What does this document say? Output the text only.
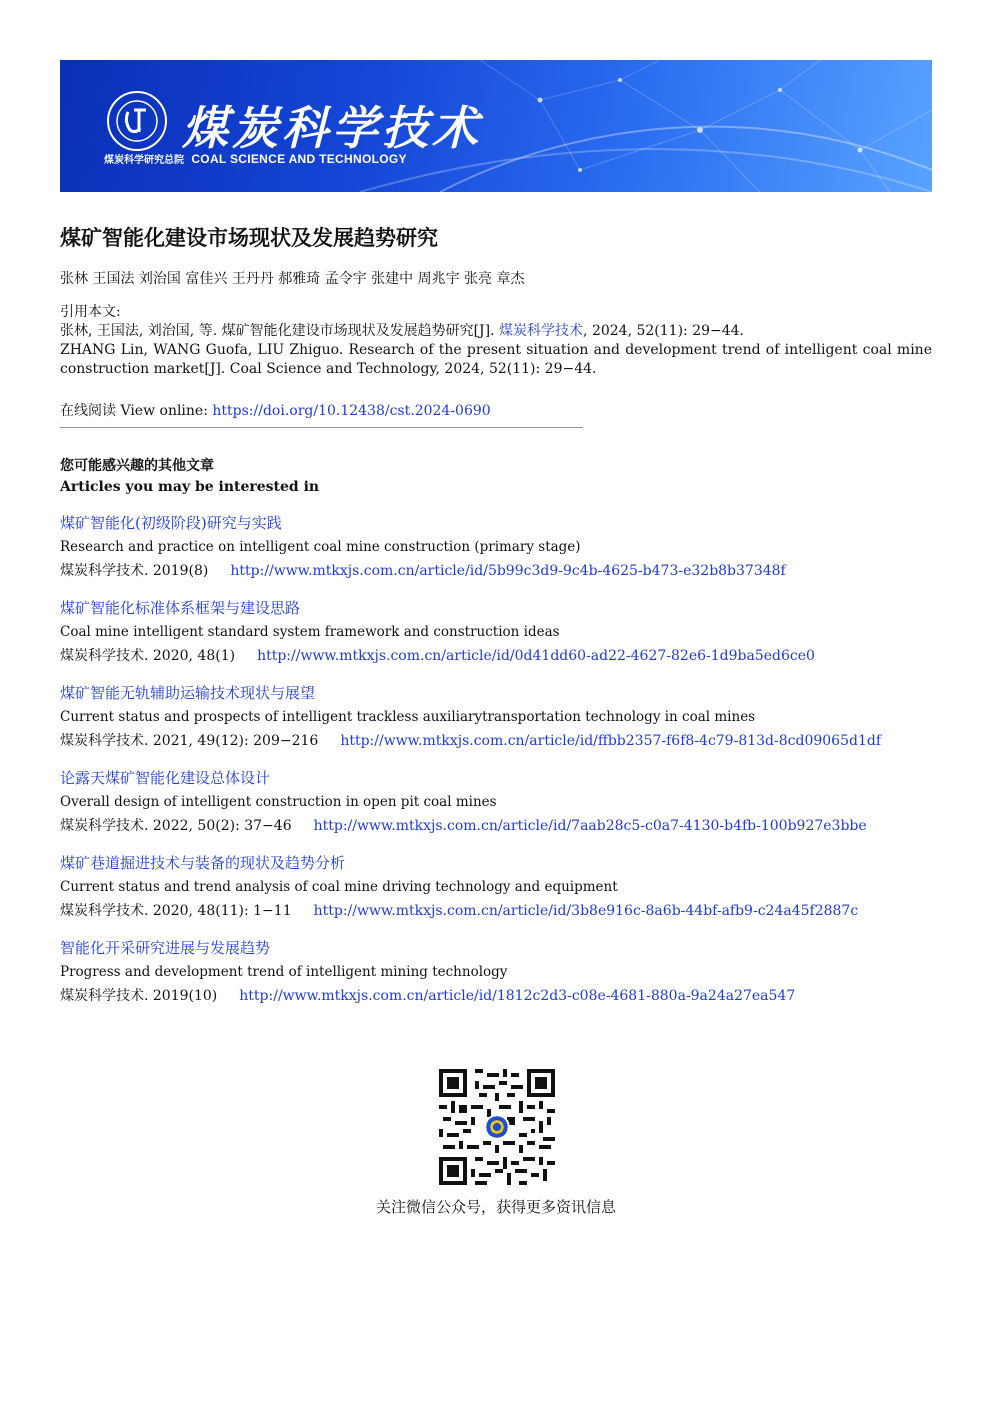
煤炭科学技术
煤炭科学研究总院 COAL SCIENCE AND TECHNOLOGY
煤矿智能化建设市场现状及发展趋势研究
张林 王国法 刘治国 富佳兴 王丹丹 郝雅琦 孟令宇 张建中 周兆宇 张亮 章杰
引用本文:
张林, 王国法, 刘治国, 等. 煤矿智能化建设市场现状及发展趋势研究[J]. 煤炭科学技术, 2024, 52(11): 29−44.
ZHANG Lin, WANG Guofa, LIU Zhiguo. Research of the present situation and development trend of intelligent coal mine construction market[J]. Coal Science and Technology, 2024, 52(11): 29−44.
在线阅读 View online: https://doi.org/10.12438/cst.2024-0690
您可能感兴趣的其他文章
Articles you may be interested in
煤矿智能化(初级阶段)研究与实践
Research and practice on intelligent coal mine construction (primary stage)
煤炭科学技术. 2019(8) http://www.mtkxjs.com.cn/article/id/5b99c3d9-9c4b-4625-b473-e32b8b37348f
煤矿智能化标准体系框架与建设思路
Coal mine intelligent standard system framework and construction ideas
煤炭科学技术. 2020, 48(1) http://www.mtkxjs.com.cn/article/id/0d41dd60-ad22-4627-82e6-1d9ba5ed6ce0
煤矿智能无轨辅助运输技术现状与展望
Current status and prospects of intelligent trackless auxiliarytransportation technology in coal mines
煤炭科学技术. 2021, 49(12): 209−216 http://www.mtkxjs.com.cn/article/id/ffbb2357-f6f8-4c79-813d-8cd09065d1df
论露天煤矿智能化建设总体设计
Overall design of intelligent construction in open pit coal mines
煤炭科学技术. 2022, 50(2): 37−46 http://www.mtkxjs.com.cn/article/id/7aab28c5-c0a7-4130-b4fb-100b927e3bbe
煤矿巷道掘进技术与装备的现状及趋势分析
Current status and trend analysis of coal mine driving technology and equipment
煤炭科学技术. 2020, 48(11): 1−11 http://www.mtkxjs.com.cn/article/id/3b8e916c-8a6b-44bf-afb9-c24a45f2887c
智能化开采研究进展与发展趋势
Progress and development trend of intelligent mining technology
煤炭科学技术. 2019(10) http://www.mtkxjs.com.cn/article/id/1812c2d3-c08e-4681-880a-9a24a27ea547
关注微信公众号，获得更多资讯信息
